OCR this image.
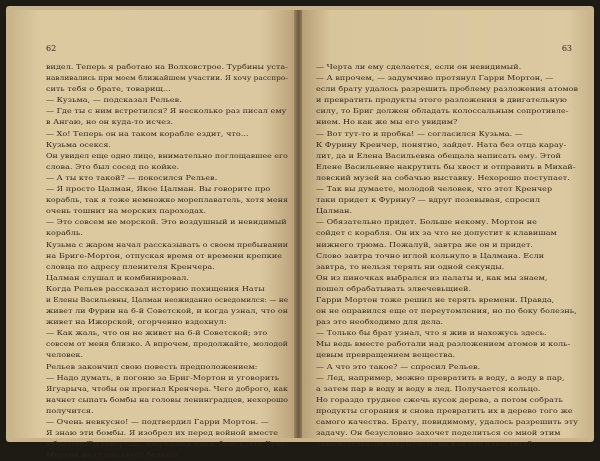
62
видел. Теперь я работаю на Волховстрое. Турбины уста-
навливались при моем ближайшем участии. Я хочу расспро-
сить тебя о брате, товарищ...
— Кузьма, — подсказал Рельев.
— Где ты с ним встретился? Я несколько раз писал ему
в Ангаю, но он куда-то исчез.
— Хо! Теперь он на таком корабле ездит, что...
Кузьма осекся.
Он увидел еще одно лицо, внимательно поглощавшее его
слова. Это был сосед по койке.
— А ты кто такой? — покосился Рельев.
— Я просто Цалман, Якое Цалман. Вы говорите про
корабль, так я тоже немножко мореплаватель, хотя меня
очень тошнит на морских пароходах.
— Это совсем не морской. Это воздушный и невидимый
корабль.
Кузьма с жаром начал рассказывать о своем пребывании
на Бриге-Мортон, отпуская время от времени крепкие
словца по адресу пленителя Кренчера.
Цалман слушал и комбинировал.
Когда Рельев рассказал историю похищения Наты
и Елены Васильевны, Цалман неожиданно осведомился: — не
живет ли Фурин на 6-й Советской, и когда узнал, что он
живет на Ижорской, огорченно вздохнул:
— Как жаль, что он не живет на 6-й Советской; это
совсем от меня близко. А впрочем, продолжайте, молодой
человек.
Рельев закончил свою повесть предположением:
— Надо думать, в погоню за Бриг-Мортон и уговорить
Ягуарыча, чтобы он прогнал Кренчера. Чего доброго, как
начнет сыпать бомбы на головы ленинградцев, нехорошо
получится.
— Очень невкусно! — подтвердил Гарри Мортон. —
Я знаю эти бомбы. Я изобрел их перед войной вместе
с братом. Ты говоришь, взорвалась одна; боюсь, что Бриг-
Мортон не существует больше.
63
— Черта ли ему сделается, если он невидимый.
— А впрочем, — задумчиво протянул Гарри Мортон, —
если брату удалось разрешить проблему разложения атомов
и превратить продукты этого разложения в двигательную
силу, то Бриг должен обладать колоссальным сопротивле-
нием. Но как же мы его увидим?
— Вот тут-то и пробка! — согласился Кузьма. —
К Фурину Кренчер, понятно, зайдет. Ната без отца карау-
лит, да и Елена Васильевна обещала написать ему. Этой
Елене Васильевне накрутить бы хвост и отправить в Михай-
ловский музей на собачью выставку. Нехорошо поступает.
— Так вы думаете, молодой человек, что этот Кренчер
таки придет к Фурину? — вдруг позевывая, спросил
Цалман.
— Обязательно придет. Больше некому. Мортон не
сойдет с корабля. Он их за что не допустит к клавишам
нижнего трюма. Пожалуй, завтра же он и придет.
Слово завтра точно иглой кольнуло в Цалмана. Если
завтра, то нельзя терять ни одной секунды.
Он из пиночках выбрался из палаты и, как мы знаем,
пошел обрабатывать злвечевьщией.
Гарри Мортон тоже решил не терять времени. Правда,
он не оправился еще от переутомления, но по боку болезнь,
раз это необходимо для дела.
— Только бы брат узнал, что я жив и нахожусь здесь.
Мы ведь вместе работали над разложением атомов и коль-
цевым превращением вещества.
— А что это такое? — спросил Рельев.
— Лед, например, можно превратить в воду, а воду в пар,
а затем пар в воду и воду в лед. Получается кольцо.
Но гораздо труднее сжечь кусок дерева, а потом собрать
продукты сгорания и снова превратить их в дерево того же
самого качества. Брату, повидимому, удалось разрешить эту
задачу. Он безусловно захочет поделиться со мной этим
замечательным открытием; но как его известить?
